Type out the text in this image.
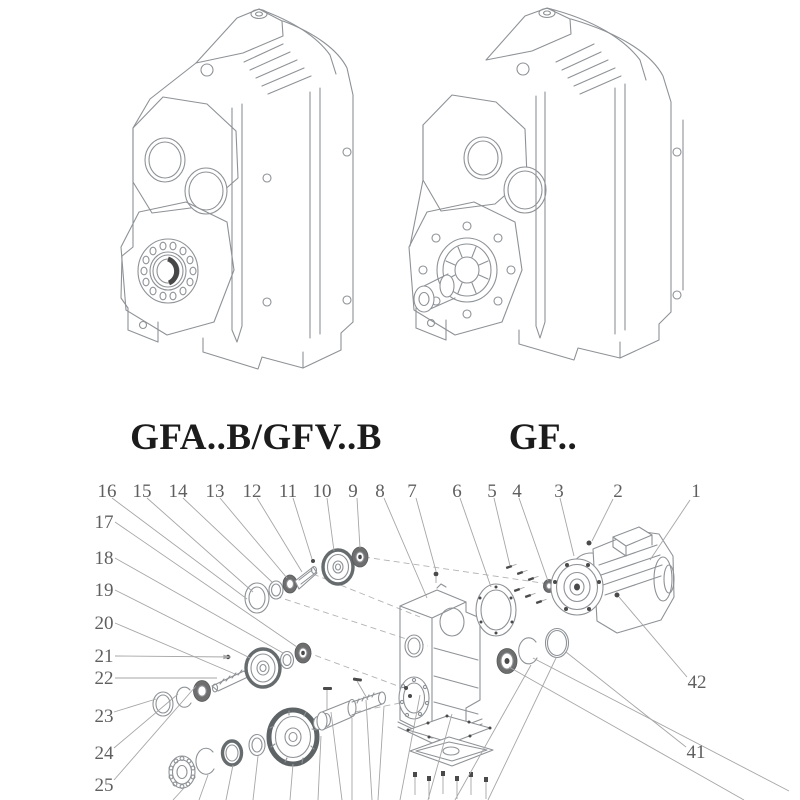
GFA..B/GFV..B	GF..
1
2
3
4
5
6
7
8
9
10
11
12
13
14
15
16
17
18
19
20
21
22
23
24
25
42
41
